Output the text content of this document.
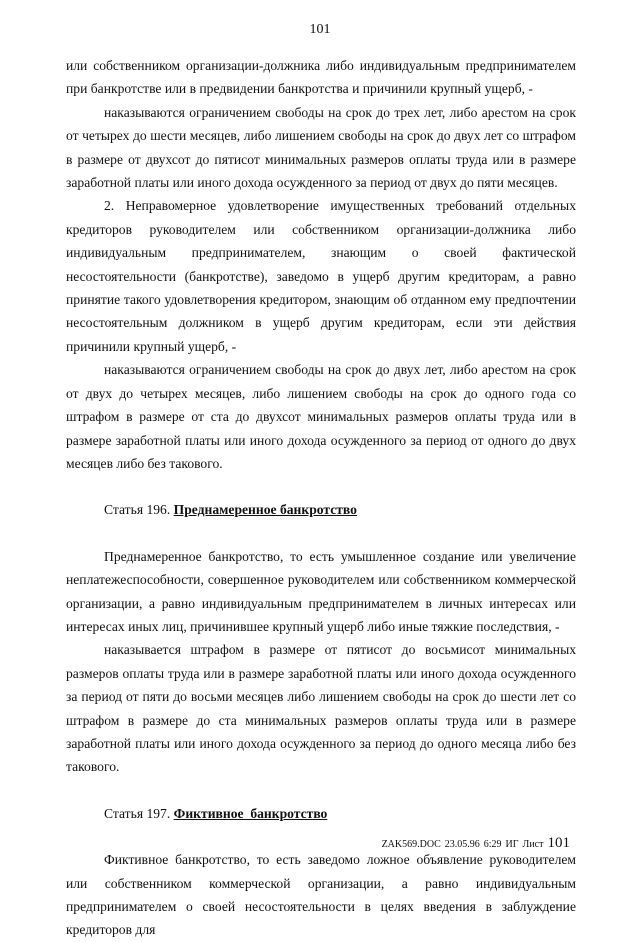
101

или собственником организации-должника либо индивидуальным предпринимателем при банкротстве или в предвидении банкротства и причинили крупный ущерб, -

наказываются ограничением свободы на срок до трех лет, либо арестом на срок от четырех до шести месяцев, либо лишением свободы на срок до двух лет со штрафом в размере от двухсот до пятисот минимальных размеров оплаты труда или в размере заработной платы или иного дохода осужденного за период от двух до пяти месяцев.

2. Неправомерное удовлетворение имущественных требований отдельных кредиторов руководителем или собственником организации-должника либо индивидуальным предпринимателем, знающим о своей фактической несостоятельности (банкротстве), заведомо в ущерб другим кредиторам, а равно принятие такого удовлетворения кредитором, знающим об отданном ему предпочтении несостоятельным должником в ущерб другим кредиторам, если эти действия причинили крупный ущерб, -

наказываются ограничением свободы на срок до двух лет, либо арестом на срок от двух до четырех месяцев, либо лишением свободы на срок до одного года со штрафом в размере от ста до двухсот минимальных размеров оплаты труда или в размере заработной платы или иного дохода осужденного за период от одного до двух месяцев либо без такового.

Статья 196. Преднамеренное банкротство

Преднамеренное банкротство, то есть умышленное создание или увеличение неплатежеспособности, совершенное руководителем или собственником коммерческой организации, а равно индивидуальным предпринимателем в личных интересах или интересах иных лиц, причинившее крупный ущерб либо иные тяжкие последствия, -

наказывается штрафом в размере от пятисот до восьмисот минимальных размеров оплаты труда или в размере заработной платы или иного дохода осужденного за период от пяти до восьми месяцев либо лишением свободы на срок до шести лет со штрафом в размере до ста минимальных размеров оплаты труда или в размере заработной платы или иного дохода осужденного за период до одного месяца либо без такового.

Статья 197. Фиктивное  банкротство

Фиктивное банкротство, то есть заведомо ложное объявление руководителем или собственником коммерческой организации, а равно индивидуальным предпринимателем о своей несостоятельности в целях введения в заблуждение кредиторов для

ZAK569.DOC 23.05.96 6:29 ИГ Лист 101
